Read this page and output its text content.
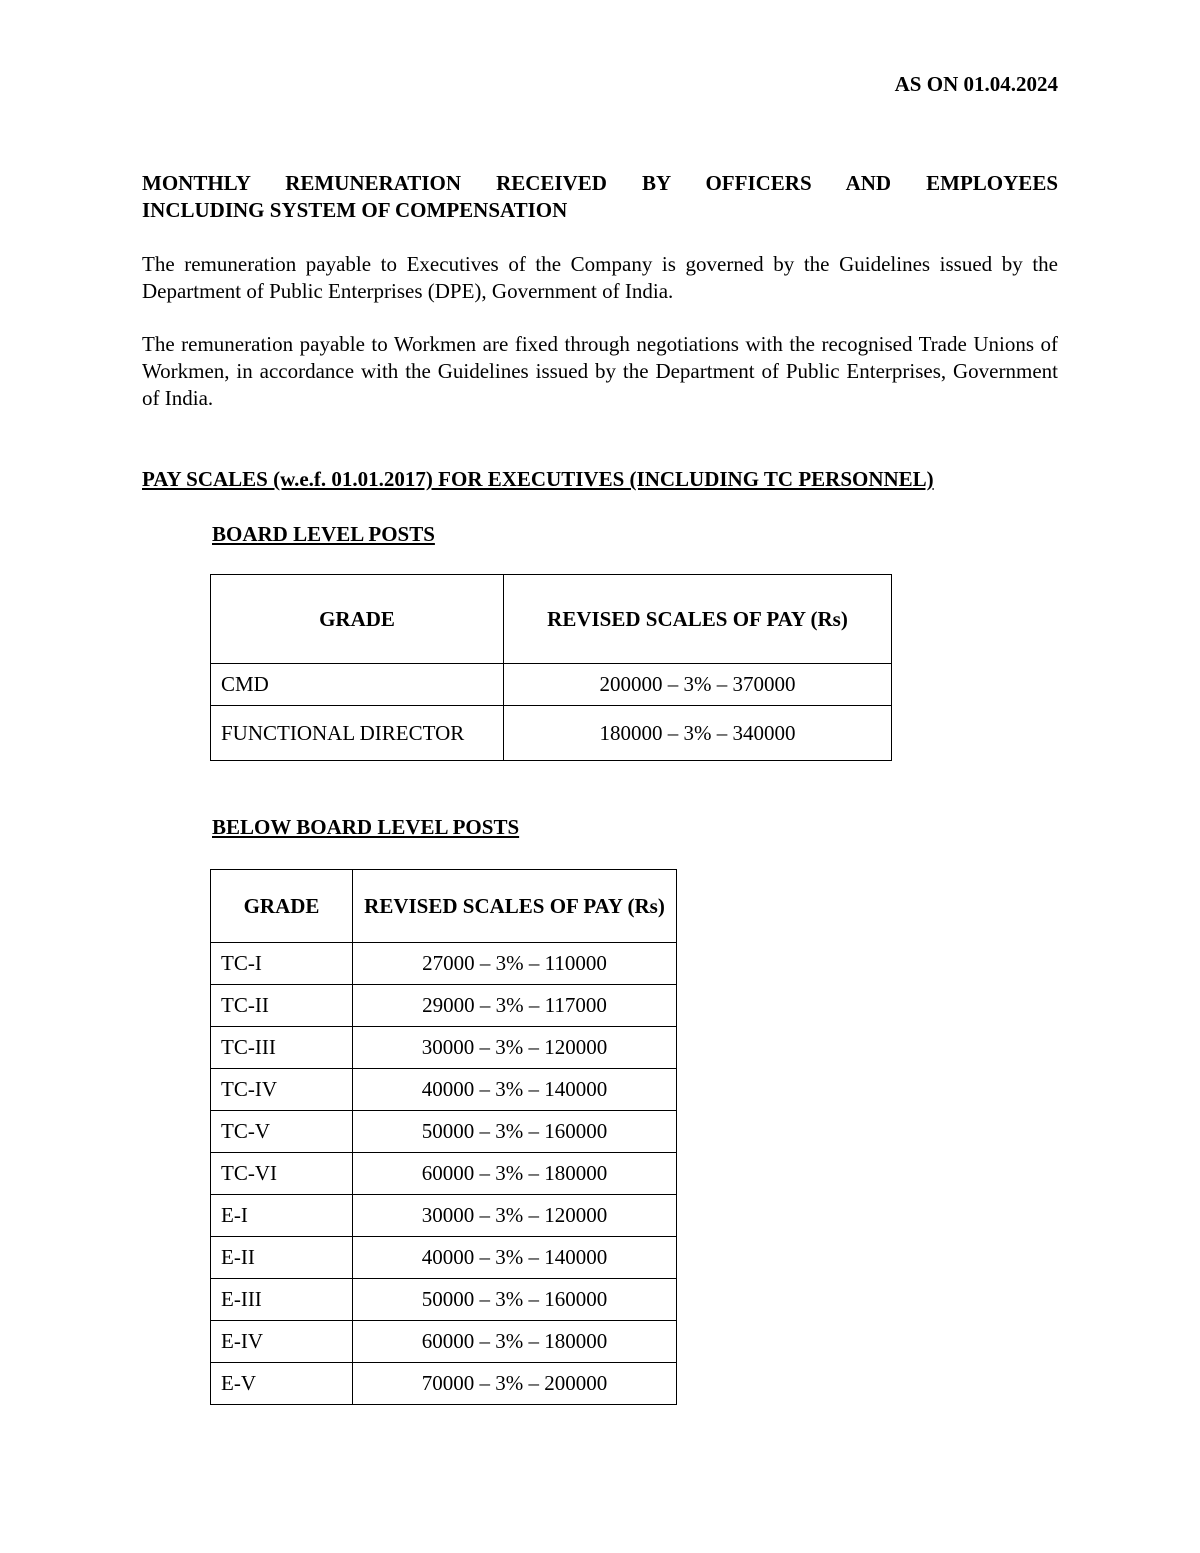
AS ON 01.04.2024
MONTHLY REMUNERATION RECEIVED BY OFFICERS AND EMPLOYEES
INCLUDING SYSTEM OF COMPENSATION
The remuneration payable to Executives of the Company is governed by the Guidelines issued by the Department of Public Enterprises (DPE), Government of India.
The remuneration payable to Workmen are fixed through negotiations with the recognised Trade Unions of Workmen, in accordance with the Guidelines issued by the Department of Public Enterprises, Government of India.
PAY SCALES (w.e.f. 01.01.2017) FOR EXECUTIVES (INCLUDING TC PERSONNEL)
BOARD LEVEL POSTS
GRADE	REVISED SCALES OF PAY (Rs)
CMD	200000 – 3% – 370000
FUNCTIONAL DIRECTOR	180000 – 3% – 340000
BELOW BOARD LEVEL POSTS
GRADE	REVISED SCALES OF PAY (Rs)
TC-I	27000 – 3% – 110000
TC-II	29000 – 3% – 117000
TC-III	30000 – 3% – 120000
TC-IV	40000 – 3% – 140000
TC-V	50000 – 3% – 160000
TC-VI	60000 – 3% – 180000
E-I	30000 – 3% – 120000
E-II	40000 – 3% – 140000
E-III	50000 – 3% – 160000
E-IV	60000 – 3% – 180000
E-V	70000 – 3% – 200000
